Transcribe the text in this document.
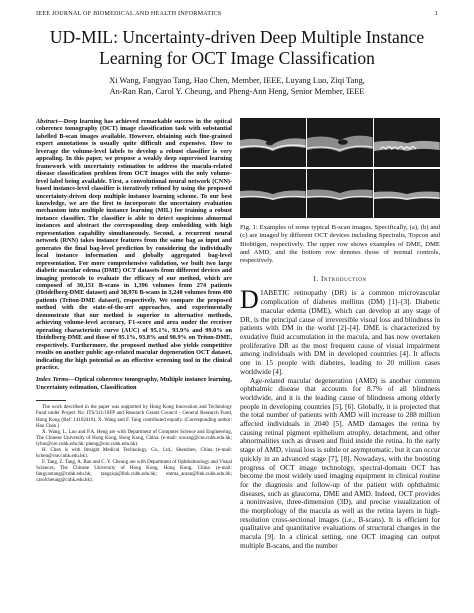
IEEE JOURNAL OF BIOMEDICAL AND HEALTH INFORMATICS	1
UD-MIL: Uncertainty-driven Deep Multiple Instance Learning for OCT Image Classification
Xi Wang, Fangyao Tang, Hao Chen, Member, IEEE, Luyang Luo, Ziqi Tang,
An-Ran Ran, Carol Y. Cheung, and Pheng-Ann Heng, Senior Member, IEEE
Abstract—Deep learning has achieved remarkable success in the optical coherence tomography (OCT) image classification task with substantial labelled B-scan images available. However, obtaining such fine-grained expert annotations is usually quite difficult and expensive. How to leverage the volume-level labels to develop a robust classifier is very appealing. In this paper, we propose a weakly deep supervised learning framework with uncertainty estimation to address the macula-related disease classification problem from OCT images with the only volume-level label being available. First, a convolutional neural network (CNN)-based instance-level classifier is iteratively refined by using the proposed uncertainty-driven deep multiple instance learning scheme. To our best knowledge, we are the first to incorporate the uncertainty evaluation mechanism into multiple instance learning (MIL) for training a robust instance classifier. The classifier is able to detect suspicious abnormal instances and abstract the corresponding deep embedding with high representation capability simultaneously. Second, a recurrent neural network (RNN) takes instance features from the same bag as input and generates the final bag-level prediction by considering the individually local instance information and globally aggregated bag-level representation. For more comprehensive validation, we built two large diabetic macular edema (DME) OCT datasets from different devices and imaging protocols to evaluate the efficacy of our method, which are composed of 30,151 B-scans in 1,396 volumes from 274 patients (Heidelberg-DME dataset) and 38,976 B-scans in 3,248 volumes from 490 patients (Triton-DME dataset), respectively. We compare the proposed method with the state-of-the-art approaches, and experimentally demonstrate that our method is superior to alternative methods, achieving volume-level accuracy, F1-score and area under the receiver operating characteristic curve (AUC) of 95.1%, 93.9% and 99.0% on Heidelberg-DME and those of 95.1%, 93.8% and 98.9% on Triton-DME, respectively. Furthermore, the proposed method also yields competitive results on another public age-related macular degeneration OCT dataset, indicating the high potential as an effective screening tool in the clinical practice.
Index Terms—Optical coherence tomography, Multiple instance learning, Uncertainty estimation, Classification

The work described in the paper was supported by Hong Kong Innovation and Technology Fund under Project No. ITS/311/18FP and Research Grants Council - General Research Fund, Hong Kong (Ref: 14102418). X. Wang and F. Tang contributed equally. (Corresponding author: Hao Chen.)

X. Wang, L. Luo and P.A. Heng are with Department of Computer Science and Engineering, The Chinese University of Hong Kong, Hong Kong, China. (e-mail: xiwang@cse.cuhk.edu.hk; lyluo@cse.cuhk.edu.hk; pheng@cse.cuhk.edu.hk).

H. Chen is with Imsight Medical Technology, Co., Ltd., Shenzhen, China (e-mail: hchen@cse.cuhk.edu.hk).

F. Tang, Z. Tang, A. Ran and C. Y. Cheung are with Department of Ophthalmology and Visual Sciences, The Chinese University of Hong Kong, Hong Kong, China. (e-mail: fangyaotang@cuhk.edu.hk; tangziqi@link.cuhk.edu.hk; emma_anran@link.cuhk.edu.hk; carolcheung@cuhk.edu.hk).

Fig. 1: Examples of some typical B-scan images. Specifically, (a), (b) and (c) are imaged by different OCT devices including Spectralis, Topcon and Biobtigen, respectively. The upper row shows examples of DME, DME and AMD, and the bottom row denotes those of normal controls, respectively.
I. Introduction

DIABETIC retinopathy (DR) is a common microvascular complication of diabetes mellitus (DM) [1]–[3]. Diabetic macular edema (DME), which can develop at any stage of DR, is the principal cause of irreversible visual loss and blindness in patients with DM in the world [2]–[4]. DME is characterized by exudative fluid accumulation in the macula, and has now overtaken proliferative DR as the most frequent cause of visual impairment among individuals with DM in developed countries [4]. It affects one in 15 people with diabetes, leading to 20 million cases worldwide [4].

Age-related macular degeneration (AMD) is another common ophthalmic disease that accounts for 8.7% of all blindness worldwide, and it is the leading cause of blindness among elderly people in developing countries [5], [6]. Globally, it is projected that the total number of patients with AMD will increase to 288 million affected individuals in 2040 [5]. AMD damages the retina by causing retinal pigment epithelium atrophy, detachment, and other abnormalities such as drusen and fluid inside the retina. In the early stage of AMD, visual loss is subtle or asymptomatic, but it can occur quickly in an advanced stage [7], [8]. Nowadays, with the boosting progress of OCT image technology, spectral-domain OCT has become the most widely used imaging equipment in clinical routine for the diagnosis and follow-up of the patient with ophthalmic diseases, such as glaucoma, DME and AMD. Indeed, OCT provides a noninvasive, three-dimension (3D), and precise visualization of the morphology of the macula as well as the retina layers in high-resolution cross-sectional images (i.e., B-scans). It is efficient for qualitative and quantitative evaluations of structural changes in the macula [9]. In a clinical setting, one OCT imaging can output multiple B-scans, and the number
